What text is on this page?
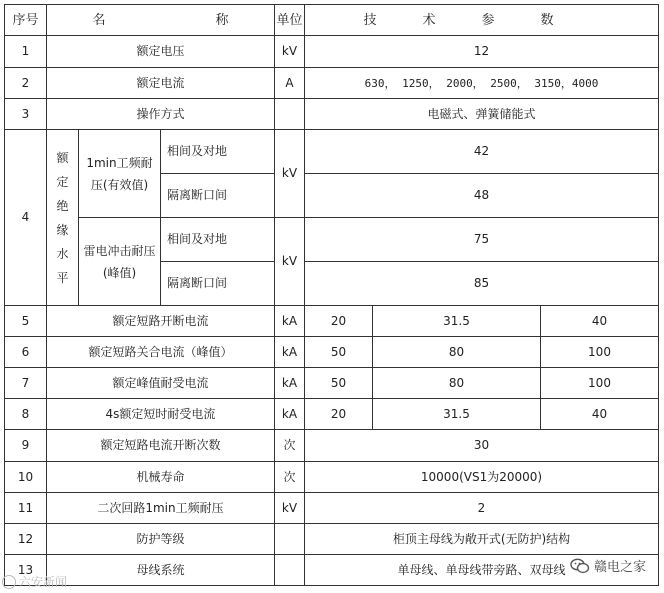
序号	名 称			单位	技术参数		
1	额定电压			kV	12		
2	额定电流			A	630， 1250， 2000， 2500， 3150，4000		
3	操作方式				电磁式、弹簧储能式		
4	额定绝缘水平	1min工频耐压(有效值)	相间及对地	kV	42		
			隔离断口间		48		
		雷电冲击耐压(峰值)	相间及对地	kV	75		
			隔离断口间		85		
5	额定短路开断电流			kA	20	31.5	40
6	额定短路关合电流（峰值）			kA	50	80	100
7	额定峰值耐受电流			kA	50	80	100
8	4s额定短时耐受电流			kA	20	31.5	40
9	额定短路电流开断次数			次	30		
10	机械寿命			次	10000(VS1为20000)		
11	二次回路1min工频耐压			kV	2		
12	防护等级				柜顶主母线为敞开式(无防护)结构		
13	母线系统				单母线、单母线带旁路、双母线		赣电之家
六安新闻
